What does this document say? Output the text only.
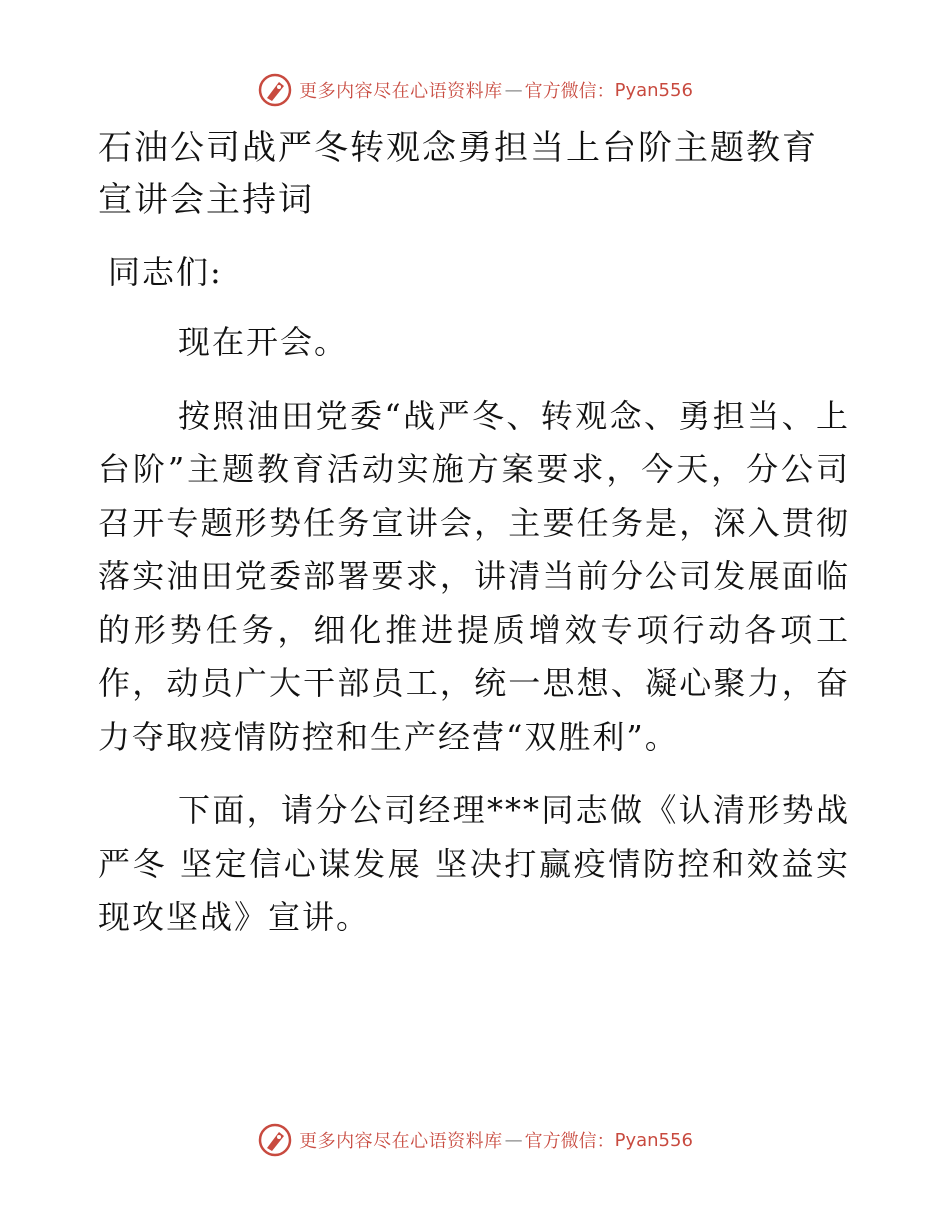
更多内容尽在心语资料库 — 官方微信： Pyan556
石油公司战严冬转观念勇担当上台阶主题教育宣讲会主持词
同志们:

现在开会。

按照油田党委“战严冬、转观念、勇担当、上台阶”主题教育活动实施方案要求，今天，分公司召开专题形势任务宣讲会，主要任务是，深入贯彻落实油田党委部署要求，讲清当前分公司发展面临的形势任务，细化推进提质增效专项行动各项工作，动员广大干部员工，统一思想、凝心聚力，奋力夺取疫情防控和生产经营“双胜利”。

下面，请分公司经理***同志做《认清形势战严冬 坚定信心谋发展 坚决打赢疫情防控和效益实现攻坚战》宣讲。

更多内容尽在心语资料库 — 官方微信： Pyan556
